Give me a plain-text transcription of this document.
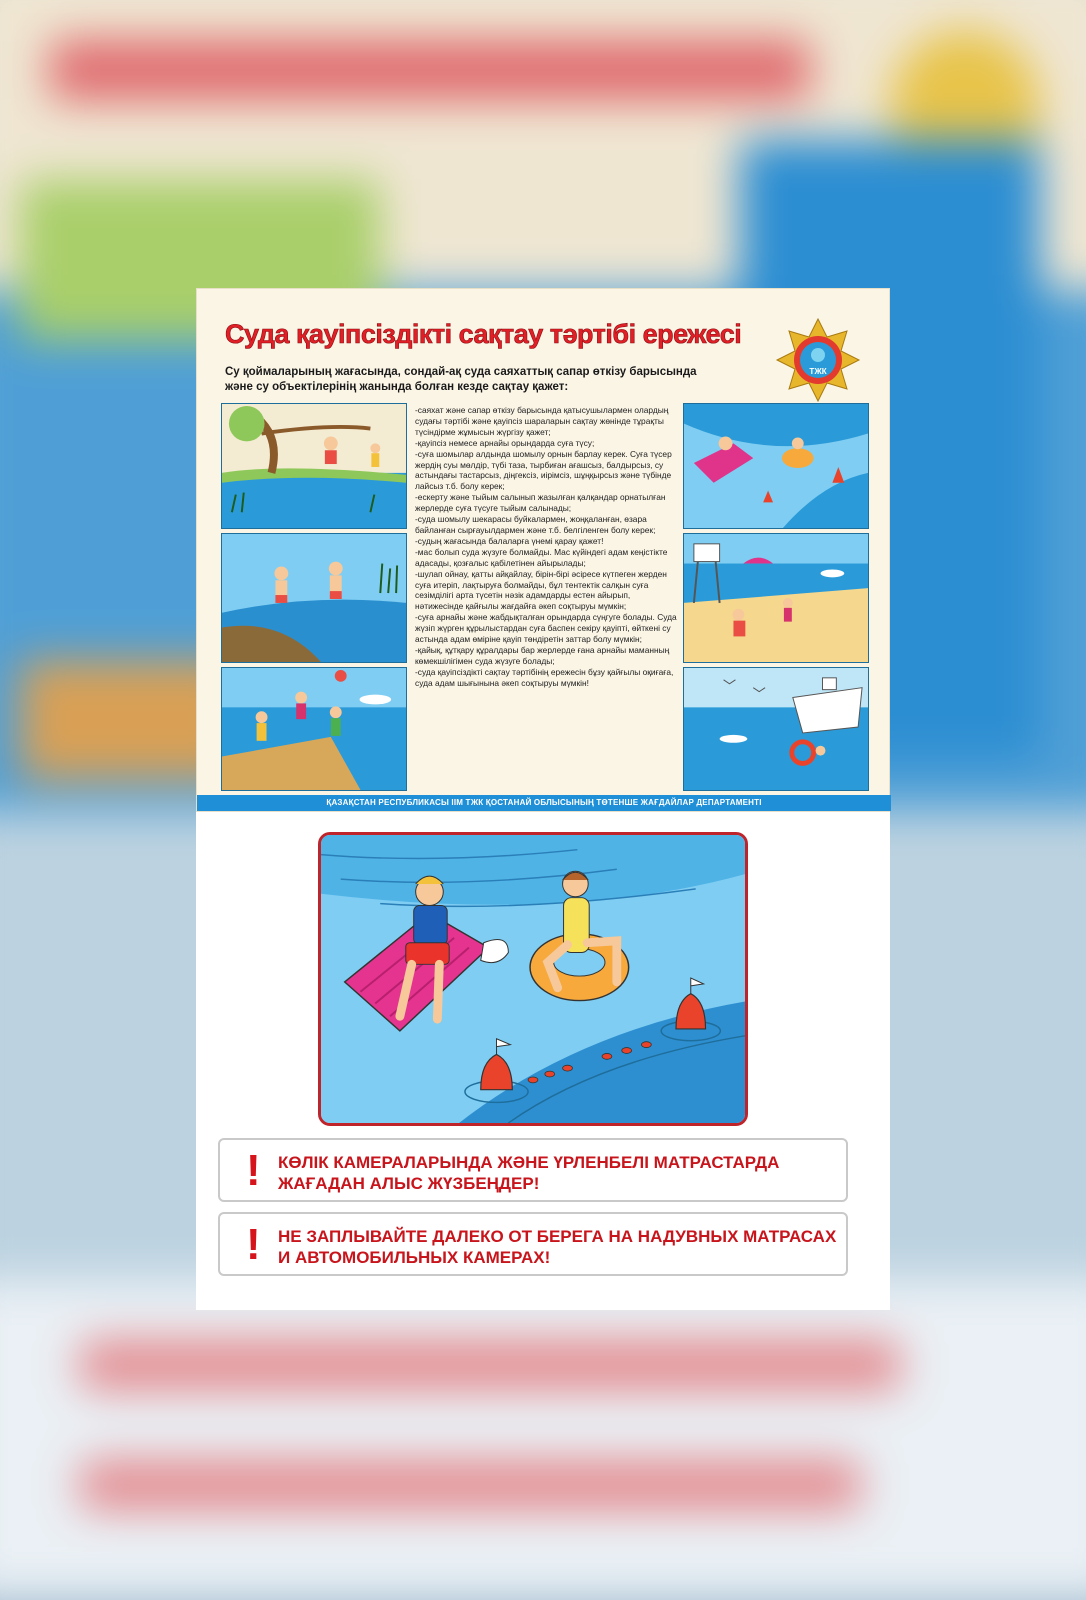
Суда қауіпсіздікті сақтау тәртібі ережесі
Су қоймаларының жағасында, сондай-ақ суда саяхаттық сапар өткізу барысында және су объектілерінің жанында болған кезде сақтау қажет:
ТЖК

-саяхат және сапар өткізу барысында қатысушылармен олардың судағы тәртібі және қауіпсіз шараларын сақтау жөнінде тұрақты түсіндірме жұмысын жүргізу қажет;

-қауіпсіз немесе арнайы орындарда суға түсу;

-суға шомылар алдында шомылу орнын барлау керек. Суға түсер жердің суы мөлдір, түбі таза, тырбиған ағашсыз, балдырсыз, су астындағы тастарсыз, діңгексіз, иірімсіз, шұңқырсыз және түбінде лайсыз т.б. болу керек;

-ескерту және тыйым салынып жазылған қалқандар орнатылған жерлерде суға түсуге тыйым салынады;

-суда шомылу шекарасы буйкалармен, жоңқаланған, өзара байланған сырғауылдармен және т.б. белгіленген болу керек;

-судың жағасында балаларға үнемі қарау қажет!

-мас болып суда жүзуге болмайды. Мас күйіндегі адам кеңістікте адасады, қозғалыс қабілетінен айырылады;

-шулап ойнау, қатты айқайлау, бірін-бірі әсіресе күтпеген жерден суға итеріп, лақтыруға болмайды, бұл тентектік салқын суға сезімділігі арта түсетін нәзік адамдарды естен айырып, нәтижесінде қайғылы жағдайға әкеп соқтыруы мүмкін;

-суға арнайы және жабдықталған орындарда сүңгуге болады. Суда жүзіп жүрген құрылыстардан суға баспен секіру қауіпті, өйткені су астында адам өміріне қауіп төндіретін заттар болу мүмкін;

-қайық, құтқару құралдары бар жерлерде ғана арнайы маманның көмекшілігімен суда жүзуге болады;

-суда қауіпсіздікті сақтау тәртібінің ережесін бұзу қайғылы оқиғаға, суда адам шығынына әкеп соқтыруы мүмкін!

ҚАЗАҚСТАН РЕСПУБЛИКАСЫ ІІМ ТЖК ҚОСТАНАЙ ОБЛЫСЫНЫҢ ТӨТЕНШЕ ЖАҒДАЙЛАР ДЕПАРТАМЕНТІ
! КӨЛІК КАМЕРАЛАРЫНДА ЖӘНЕ ҮРЛЕНБЕЛІ МАТРАСТАРДА ЖАҒАДАН АЛЫС ЖҮЗБЕҢДЕР!
! НЕ ЗАПЛЫВАЙТЕ ДАЛЕКО ОТ БЕРЕГА НА НАДУВНЫХ МАТРАСАХ И АВТОМОБИЛЬНЫХ КАМЕРАХ!
